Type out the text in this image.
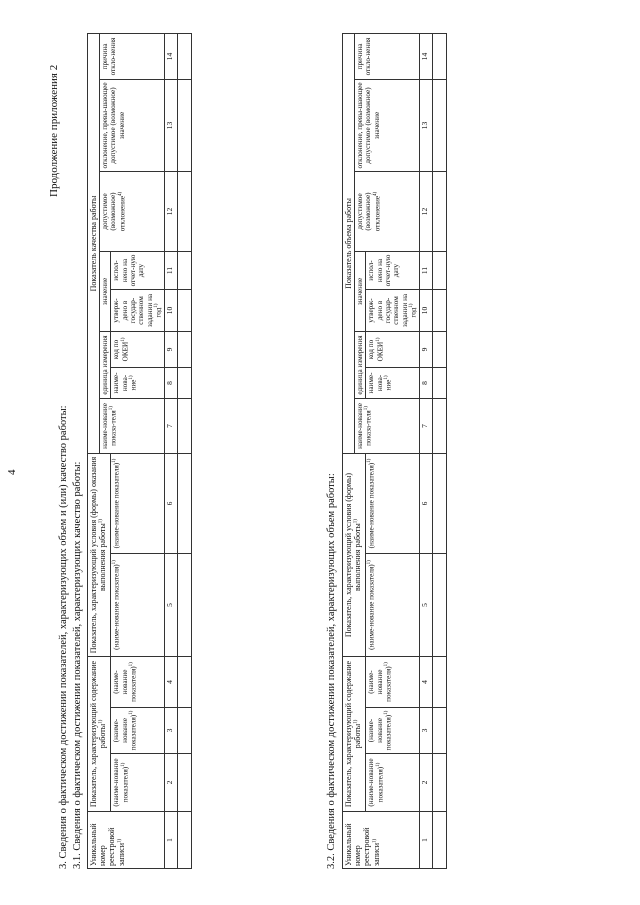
4
Продолжение приложения 2
3. Сведения о фактическом достижении показателей, характеризующих объем и (или) качество работы: 3.1. Сведения о фактическом достижении показателей, характеризующих качество работы: Уникальный номер реестровой записи$^{1)}$	Показатель, характеризующий содержание работы$^{1)}$			Показатель, характеризующий условия (формы) оказания выполнения работы$^{1)}$		Показатель качества работы							
						наиме-нование показа-теля$^{1)}$	единица измерения		значение		допустимое (возможное) отклонение$^{4)}$	отклонение, превы-шающее допустимое (возможное) значение	причина откло-нения
	(наиме-нование показателя)$^{1)}$	(наиме-нование показателя)$^{1)}$	(наиме-нование показателя)$^{1)}$	(наиме-нование показателя)$^{1)}$	(наиме-нование показателя)$^{1)}$		наиме-нова-ние$^{1)}$	код по ОКЕИ$^{1)}$	утверж-дено в государ-ственном задании на год$^{1)}$	испол-нено на отчет-ную дату			
1	2	3	4	5	6	7	8	9	10	11	12	13	14

3.2. Сведения о фактическом достижении показателей, характеризующих объем работы: Уникальный номер реестровой записи$^{1)}$	Показатель, характеризующий содержание работы$^{1)}$			Показатель, характеризующий условия (формы) выполнения работы$^{1)}$		Показатель объема работы							
						наиме-нование показа-теля$^{1)}$	единица измерения		значение		допустимое (возможное) отклонение$^{4)}$	отклонение, превы-шающее допустимое (возможное) значение	причина откло-нения
	(наиме-нование показателя)$^{1)}$	(наиме-нование показателя)$^{1)}$	(наиме-нование показателя)$^{1)}$	(наиме-нование показателя)$^{1)}$	(наиме-нование показателя)$^{1)}$		наиме-нова-ние$^{1)}$	код по ОКЕИ$^{1)}$	утверж-дено в государ-ственном задании на год$^{1)}$	испол-нено на отчет-ную дату			
1	2	3	4	5	6	7	8	9	10	11	12	13	14
